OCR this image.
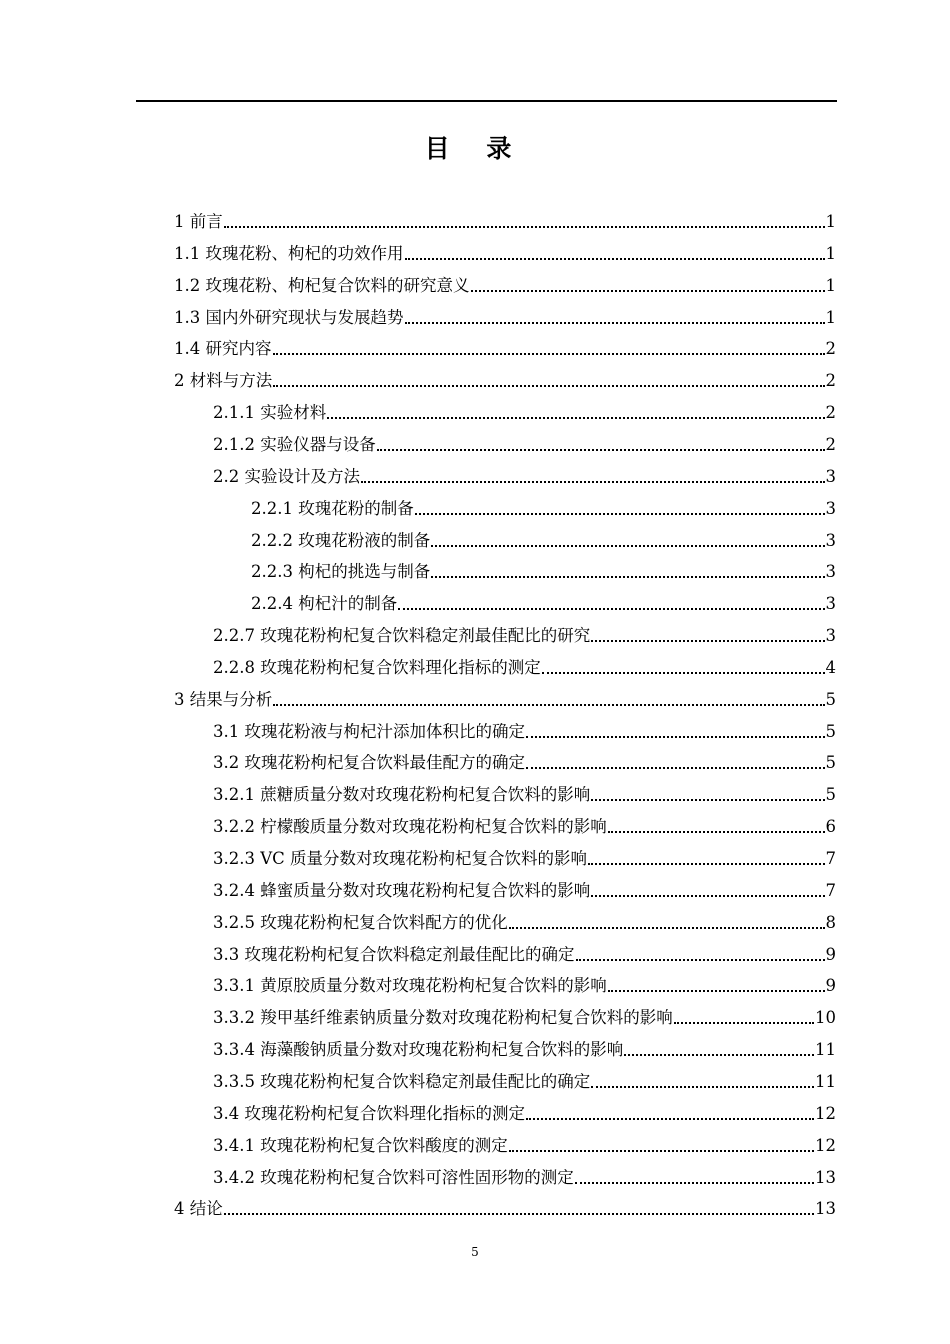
目 录
1 前言	1
1.1 玫瑰花粉、枸杞的功效作用	1
1.2 玫瑰花粉、枸杞复合饮料的研究意义	1
1.3 国内外研究现状与发展趋势	1
1.4 研究内容	2
2 材料与方法	2
2.1.1 实验材料	2
2.1.2 实验仪器与设备	2
2.2 实验设计及方法	3
2.2.1 玫瑰花粉的制备	3
2.2.2 玫瑰花粉液的制备	3
2.2.3 枸杞的挑选与制备	3
2.2.4 枸杞汁的制备	3
2.2.7 玫瑰花粉枸杞复合饮料稳定剂最佳配比的研究	3
2.2.8 玫瑰花粉枸杞复合饮料理化指标的测定	4
3 结果与分析	5
3.1 玫瑰花粉液与枸杞汁添加体积比的确定	5
3.2 玫瑰花粉枸杞复合饮料最佳配方的确定	5
3.2.1 蔗糖质量分数对玫瑰花粉枸杞复合饮料的影响	5
3.2.2 柠檬酸质量分数对玫瑰花粉枸杞复合饮料的影响	6
3.2.3 VC 质量分数对玫瑰花粉枸杞复合饮料的影响	7
3.2.4 蜂蜜质量分数对玫瑰花粉枸杞复合饮料的影响	7
3.2.5 玫瑰花粉枸杞复合饮料配方的优化	8
3.3 玫瑰花粉枸杞复合饮料稳定剂最佳配比的确定	9
3.3.1 黄原胶质量分数对玫瑰花粉枸杞复合饮料的影响	9
3.3.2 羧甲基纤维素钠质量分数对玫瑰花粉枸杞复合饮料的影响	10
3.3.4 海藻酸钠质量分数对玫瑰花粉枸杞复合饮料的影响	11
3.3.5 玫瑰花粉枸杞复合饮料稳定剂最佳配比的确定	11
3.4 玫瑰花粉枸杞复合饮料理化指标的测定	12
3.4.1 玫瑰花粉枸杞复合饮料酸度的测定	12
3.4.2 玫瑰花粉枸杞复合饮料可溶性固形物的测定	13
4 结论	13
5
